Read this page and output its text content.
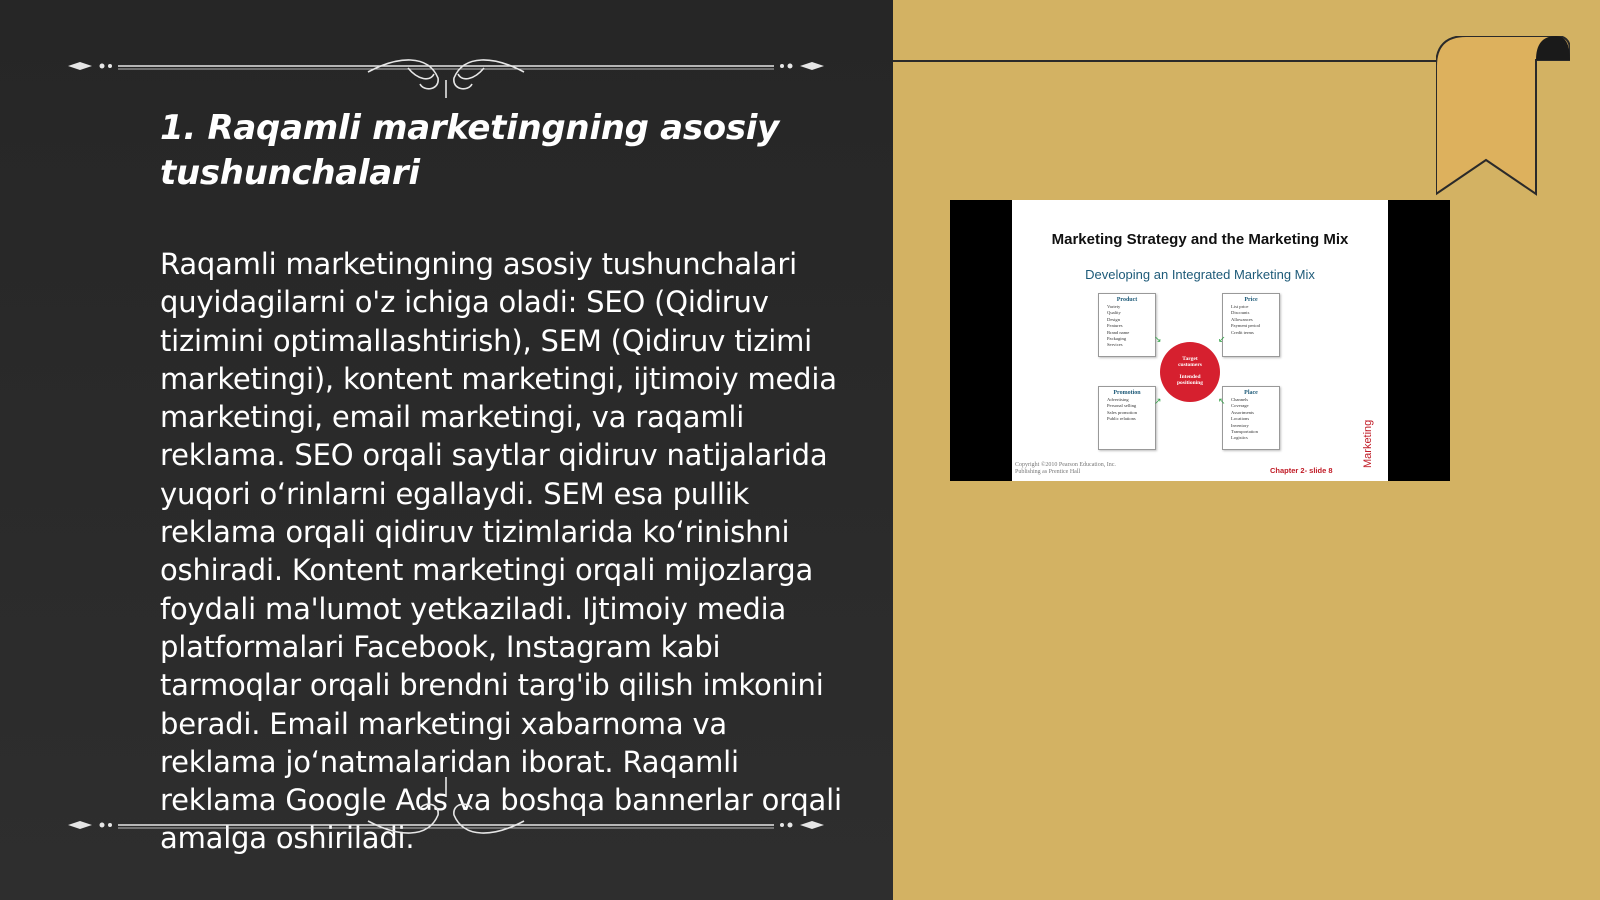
1. Raqamli marketingning asosiy tushunchalari

Raqamli marketingning asosiy tushunchalari quyidagilarni o'z ichiga oladi: SEO (Qidiruv tizimini optimallashtirish), SEM (Qidiruv tizimi marketingi), kontent marketingi, ijtimoiy media marketingi, email marketingi, va raqamli reklama. SEO orqali saytlar qidiruv natijalarida yuqori o‘rinlarni egallaydi. SEM esa pullik reklama orqali qidiruv tizimlarida ko‘rinishni oshiradi. Kontent marketingi orqali mijozlarga foydali ma'lumot yetkaziladi. Ijtimoiy media platformalari Facebook, Instagram kabi tarmoqlar orqali brendni targ'ib qilish imkonini beradi. Email marketingi xabarnoma va reklama jo‘natmalaridan iborat. Raqamli reklama Google Ads va boshqa bannerlar orqali amalga oshiriladi.

Marketing Strategy and the Marketing Mix

Developing an Integrated Marketing Mix

Product
Variety
Quality
Design
Features
Brand name
Packaging
Services
Price
List price
Discounts
Allowances
Payment period
Credit terms
Promotion
Advertising
Personal selling
Sales promotion
Public relations
Place
Channels
Coverage
Assortments
Locations
Inventory
Transportation
Logistics
Target
customers
Intended
positioning
↘	↙
↗	↖

Copyright ©2010 Pearson Education, Inc.
Publishing as Prentice Hall	Chapter 2- slide 8

Marketing
